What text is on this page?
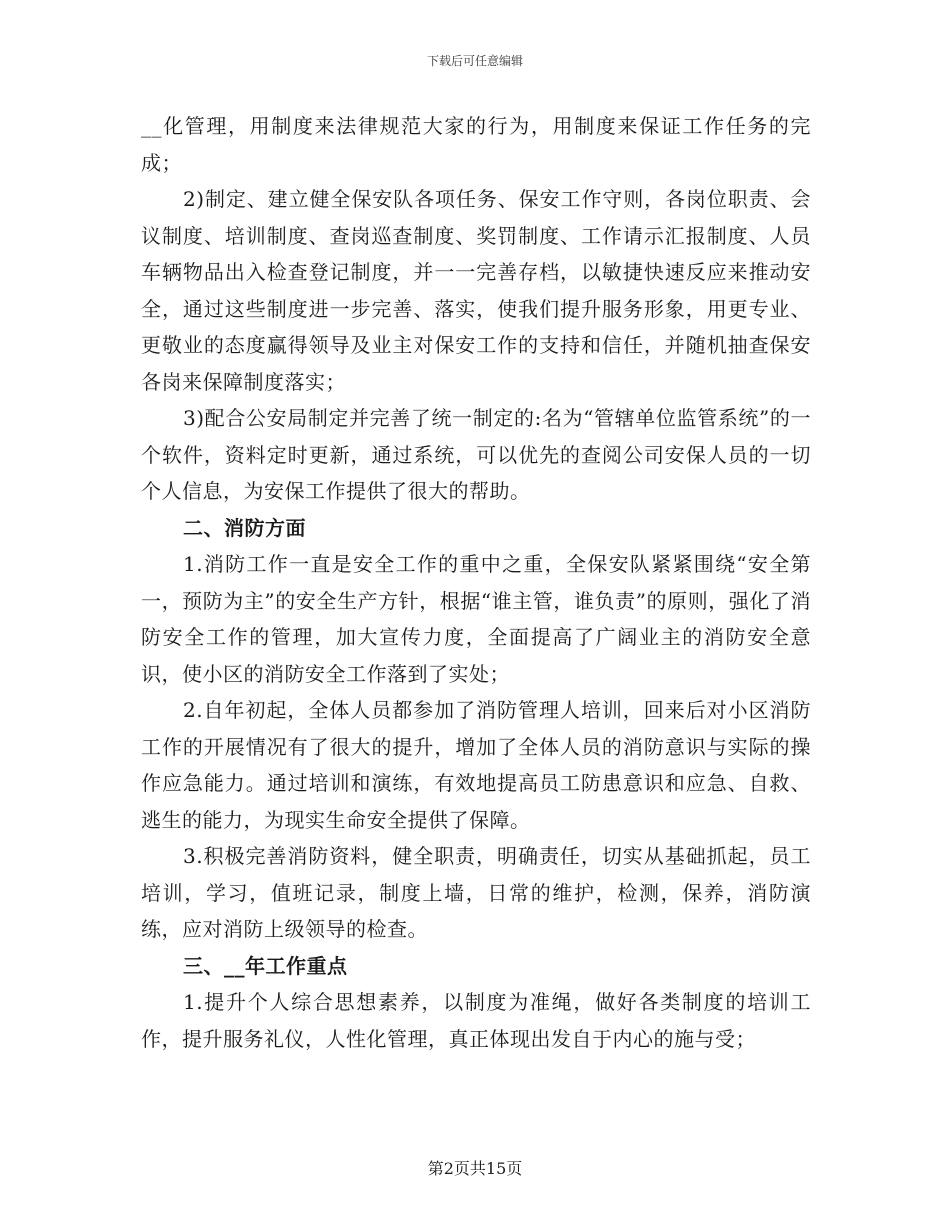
下载后可任意编辑

__化管理，用制度来法律规范大家的行为，用制度来保证工作任务的完成；

2)制定、建立健全保安队各项任务、保安工作守则，各岗位职责、会议制度、培训制度、查岗巡查制度、奖罚制度、工作请示汇报制度、人员车辆物品出入检查登记制度，并一一完善存档，以敏捷快速反应来推动安全，通过这些制度进一步完善、落实，使我们提升服务形象，用更专业、更敬业的态度赢得领导及业主对保安工作的支持和信任，并随机抽查保安各岗来保障制度落实；

3)配合公安局制定并完善了统一制定的:名为“管辖单位监管系统”的一个软件，资料定时更新，通过系统，可以优先的查阅公司安保人员的一切个人信息，为安保工作提供了很大的帮助。

二、消防方面

1.消防工作一直是安全工作的重中之重，全保安队紧紧围绕“安全第一，预防为主”的安全生产方针，根据“谁主管，谁负责”的原则，强化了消防安全工作的管理，加大宣传力度，全面提高了广阔业主的消防安全意识，使小区的消防安全工作落到了实处；

2.自年初起，全体人员都参加了消防管理人培训，回来后对小区消防工作的开展情况有了很大的提升，增加了全体人员的消防意识与实际的操作应急能力。通过培训和演练，有效地提高员工防患意识和应急、自救、逃生的能力，为现实生命安全提供了保障。

3.积极完善消防资料，健全职责，明确责任，切实从基础抓起，员工培训，学习，值班记录，制度上墙，日常的维护，检测，保养，消防演练，应对消防上级领导的检查。

三、__年工作重点

1.提升个人综合思想素养，以制度为准绳，做好各类制度的培训工作，提升服务礼仪，人性化管理，真正体现出发自于内心的施与受；

第2页共15页
